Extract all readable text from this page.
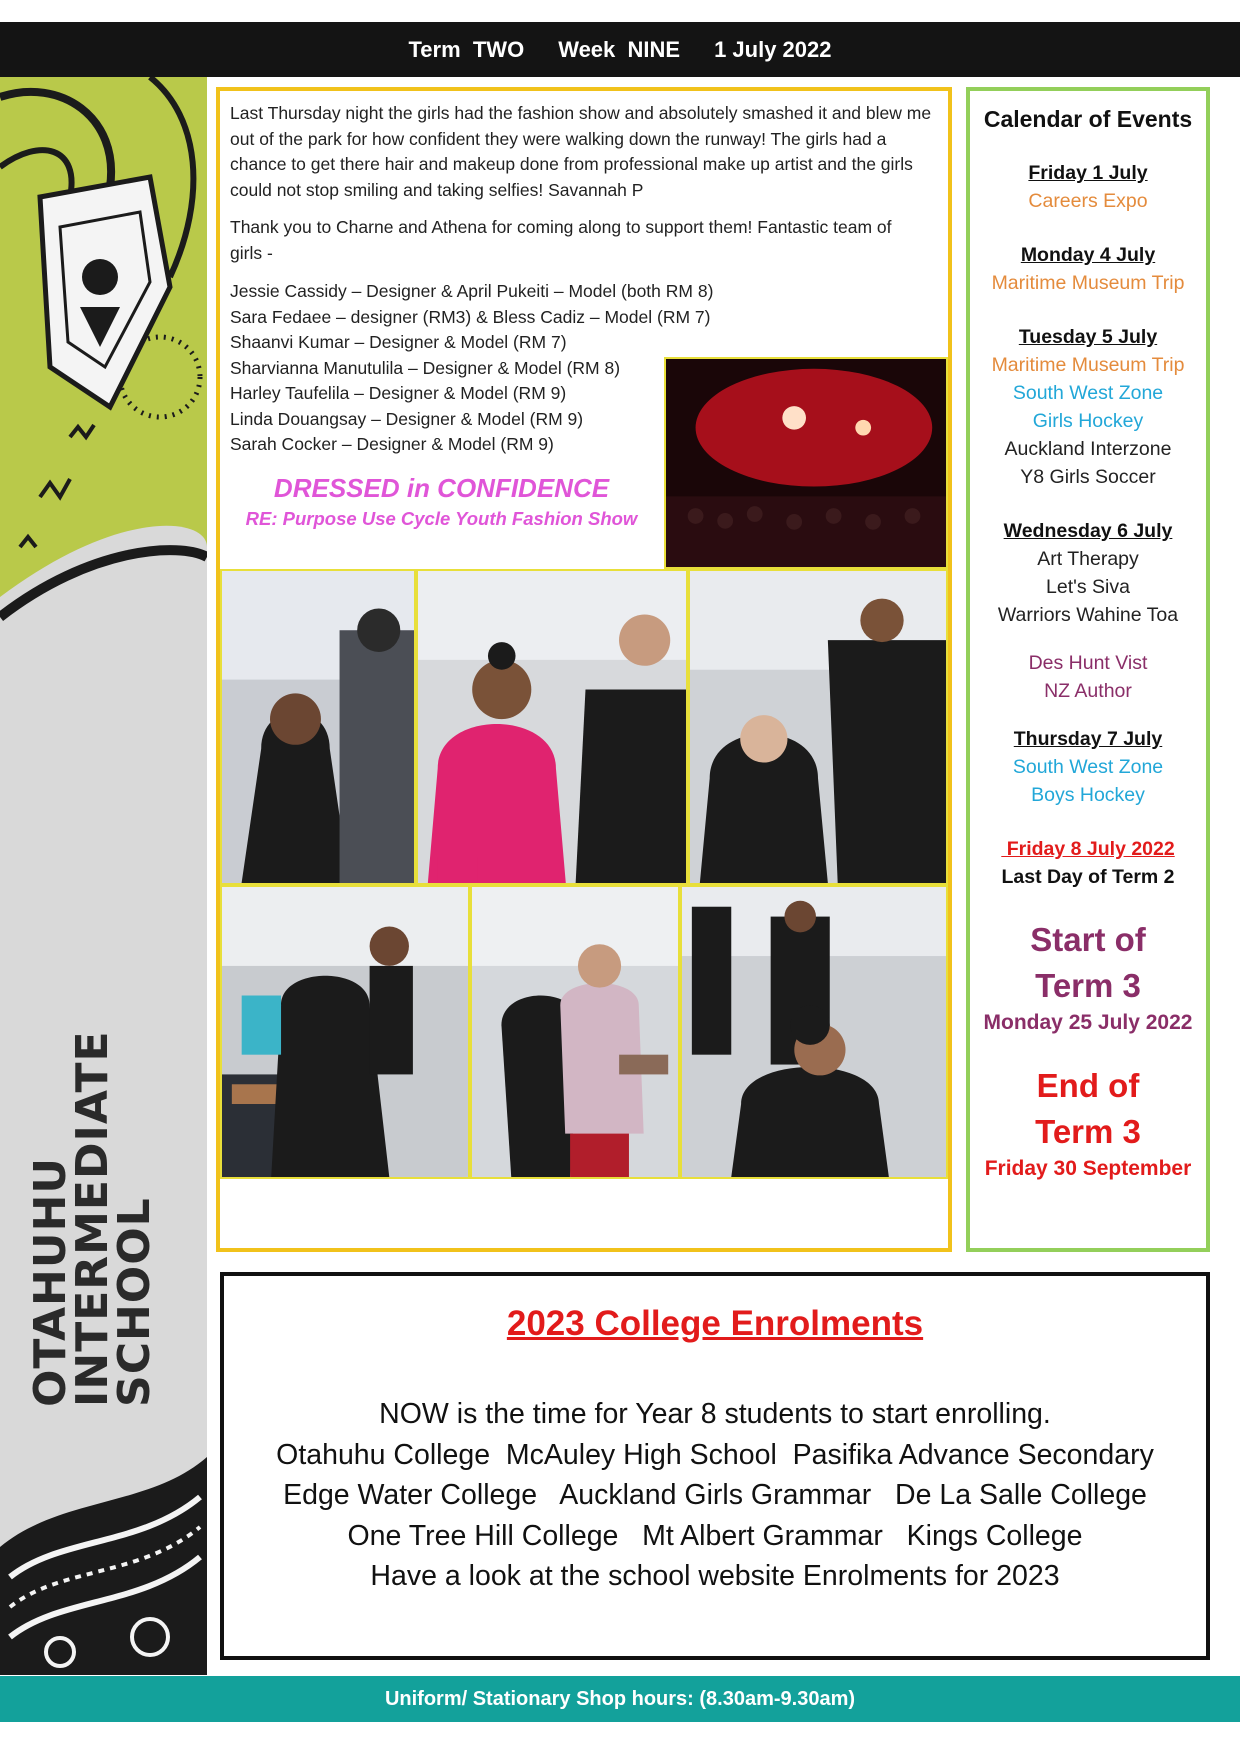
Term  TWO Week  NINE 1 July 2022
OTAHUHU
INTERMEDIATE
SCHOOL

Last Thursday night the girls had the fashion show and absolutely smashed it and blew me out of the park for how confident they were walking down the runway! The girls had a chance to get there hair and makeup done from professional make up artist and the girls could not stop smiling and taking selfies! Savannah P

Thank you to Charne and Athena for coming along to support them! Fantastic team of girls -

Jessie Cassidy – Designer & April Pukeiti – Model (both RM 8)
Sara Fedaee – designer (RM3) & Bless Cadiz – Model (RM 7)
Shaanvi Kumar – Designer & Model (RM 7)
Sharvianna Manutulila – Designer & Model (RM 8)
Harley Taufelila – Designer & Model (RM 9)
Linda Douangsay – Designer & Model (RM 9)
Sarah Cocker – Designer & Model (RM 9)
DRESSED in CONFIDENCE
RE: Purpose Use Cycle Youth Fashion Show
Calendar of Events
Friday 1 July
Careers Expo
Monday 4 July
Maritime Museum Trip
Tuesday 5 July
Maritime Museum Trip
South West Zone
Girls Hockey
Auckland Interzone
Y8 Girls Soccer
Wednesday 6 July
Art Therapy
Let's Siva
Warriors Wahine Toa
Des Hunt Vist
NZ Author
Thursday 7 July
South West Zone
Boys Hockey
Friday 8 July 2022
Last Day of Term 2
Start of
Term 3
Monday 25 July 2022
End of
Term 3
Friday 30 September
2023 College Enrolments
NOW is the time for Year 8 students to start enrolling.
Otahuhu College  McAuley High School  Pasifika Advance Secondary
Edge Water College   Auckland Girls Grammar   De La Salle College
One Tree Hill College   Mt Albert Grammar   Kings College
Have a look at the school website Enrolments for 2023
Uniform/ Stationary Shop hours: (8.30am-9.30am)
